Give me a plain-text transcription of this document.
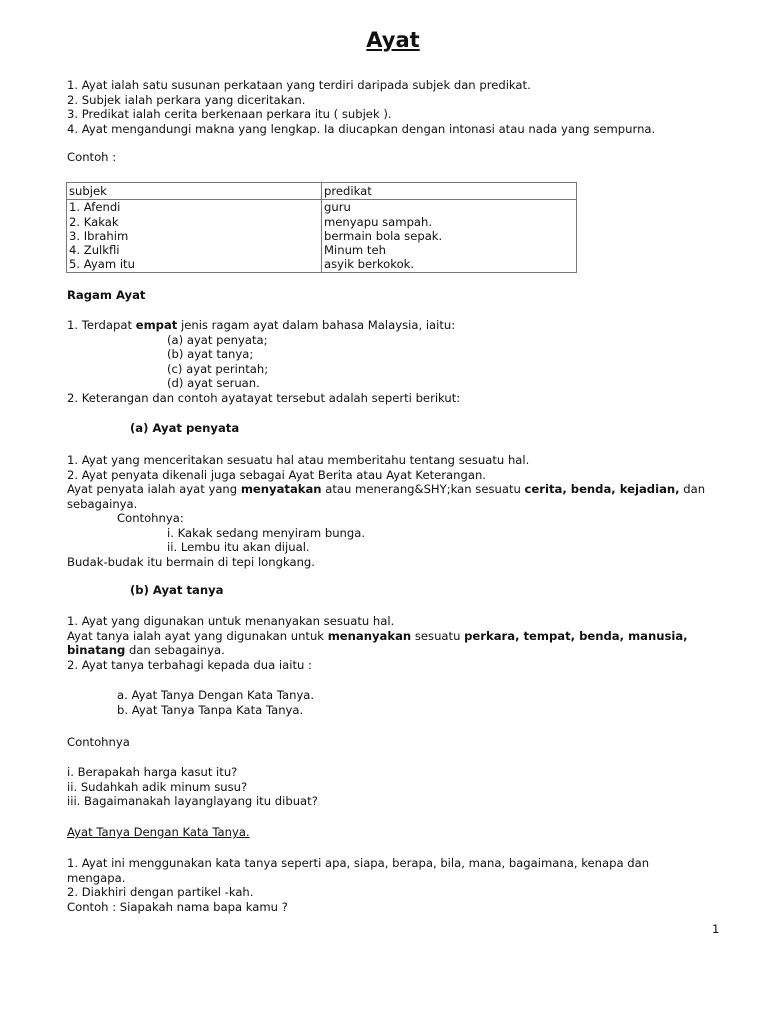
Ayat
1. Ayat ialah satu susunan perkataan yang terdiri daripada subjek dan predikat.
2. Subjek ialah perkara yang diceritakan.
3. Predikat ialah cerita berkenaan perkara itu ( subjek ).
4. Ayat mengandungi makna yang lengkap. Ia diucapkan dengan intonasi atau nada yang sempurna.
Contoh :
subjek	predikat
1. Afendi	guru
2. Kakak	menyapu sampah.
3. Ibrahim	bermain bola sepak.
4. Zulkfli	Minum teh
5. Ayam itu	asyik berkokok.
Ragam Ayat
1. Terdapat empat jenis ragam ayat dalam bahasa Malaysia, iaitu:
(a) ayat penyata;
(b) ayat tanya;
(c) ayat perintah;
(d) ayat seruan.
2. Keterangan dan contoh ayatayat tersebut adalah seperti berikut:
(a) Ayat penyata
1. Ayat yang menceritakan sesuatu hal atau memberitahu tentang sesuatu hal.
2. Ayat penyata dikenali juga sebagai Ayat Berita atau Ayat Keterangan.
Ayat penyata ialah ayat yang menyatakan atau menerang&SHY;kan sesuatu cerita, benda, kejadian, dan
sebagainya.
Contohnya:
i. Kakak sedang menyiram bunga.
ii. Lembu itu akan dijual.
Budak-budak itu bermain di tepi longkang.
(b) Ayat tanya
1. Ayat yang digunakan untuk menanyakan sesuatu hal.
Ayat tanya ialah ayat yang digunakan untuk menanyakan sesuatu perkara, tempat, benda, manusia,
binatang dan sebagainya.
2. Ayat tanya terbahagi kepada dua iaitu :
a. Ayat Tanya Dengan Kata Tanya.
b. Ayat Tanya Tanpa Kata Tanya.
Contohnya
i. Berapakah harga kasut itu?
ii. Sudahkah adik minum susu?
iii. Bagaimanakah layanglayang itu dibuat?
Ayat Tanya Dengan Kata Tanya.
1. Ayat ini menggunakan kata tanya seperti apa, siapa, berapa, bila, mana, bagaimana, kenapa dan
mengapa.
2. Diakhiri dengan partikel -kah.
Contoh : Siapakah nama bapa kamu ?
1
